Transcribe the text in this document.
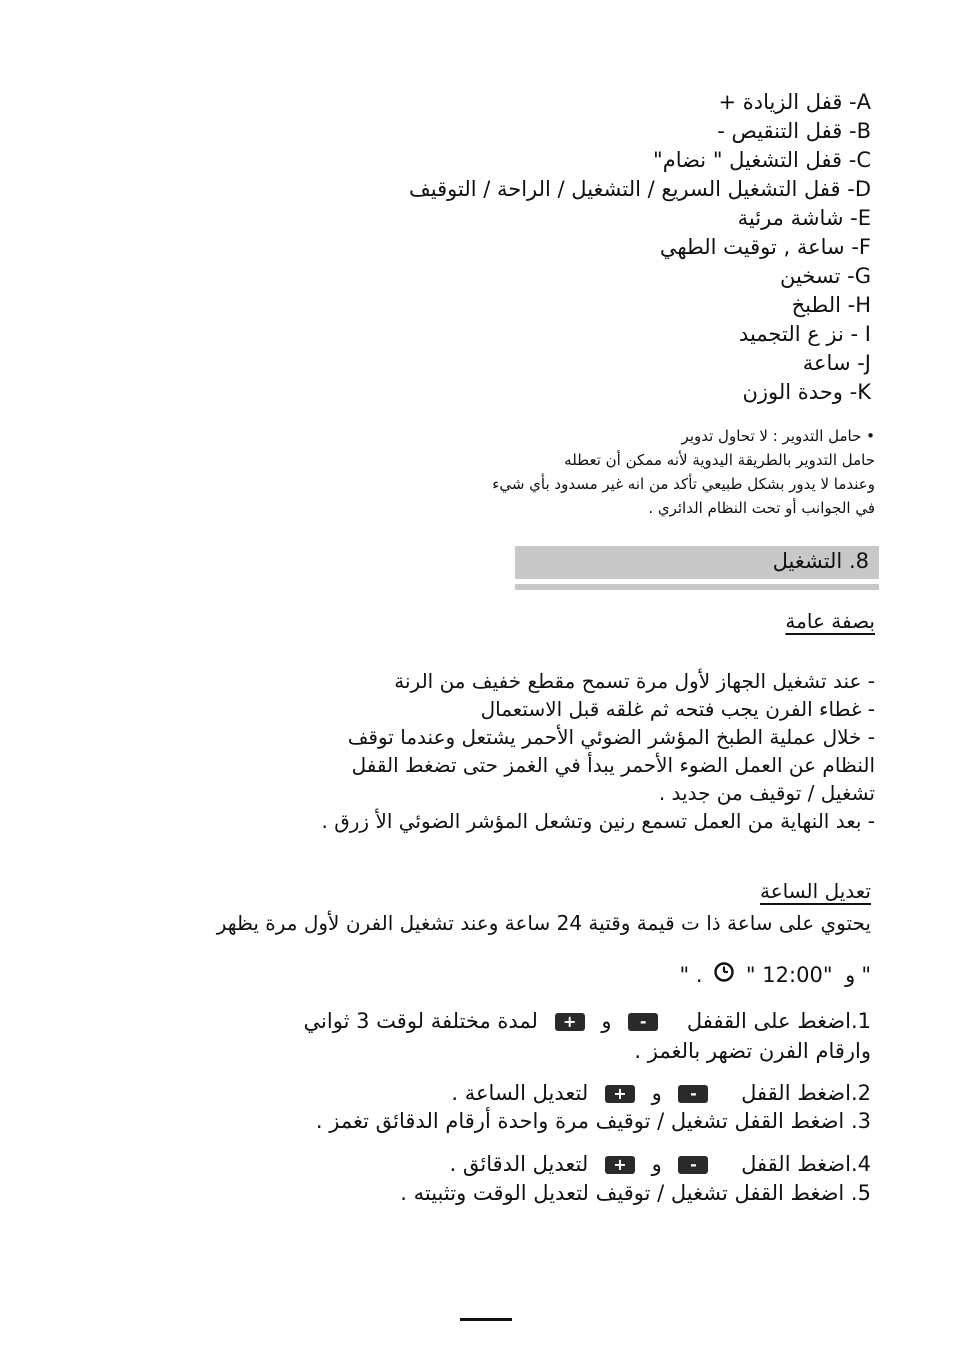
A- قفل الزيادة +
B- قفل التنقيص -
C- قفل التشغيل " نضام"
D- قفل التشغيل السريع / التشغيل / الراحة / التوقيف
E- شاشة مرئية
F- ساعة , توقيت الطهي
G- تسخين
H- الطبخ
I - نز ع التجميد
J- ساعة
K- وحدة الوزن
• حامل التدوير : لا تحاول تدوير
حامل التدوير بالطريقة اليدوية لأنه ممكن أن تعطله
وعندما لا يدور بشكل طبيعي تأكد من انه غير مسدود بأي شيء
في الجوانب أو تحت النظام الدائري .
8. التشغيل
بصفة عامة
- عند تشغيل الجهاز لأول مرة تسمح مقطع خفيف من الرنة
- غطاء الفرن يجب فتحه ثم غلقه قبل الاستعمال
- خلال عملية الطبخ المؤشر الضوئي الأحمر يشتعل وعندما توقف
النظام عن العمل الضوء الأحمر يبدأ في الغمز حتى تضغط القفل
تشغيل / توقيف من جديد .
- بعد النهاية من العمل تسمع رنين وتشعل المؤشر الضوئي الأ زرق .
تعديل الساعة
يحتوي على ساعة ذا ت قيمة وقتية 24 ساعة وعند تشغيل الفرن لأول مرة يظهر
" . "	و "12:00"
1.اضغط على القففل - و + لمدة مختلفة لوقت 3 ثواني
وارقام الفرن تضهر بالغمز .
2.اضغط القفل - و + لتعديل الساعة .
3. اضغط القفل تشغيل / توقيف مرة واحدة أرقام الدقائق تغمز .
4.اضغط القفل - و + لتعديل الدقائق .
5. اضغط القفل تشغيل / توقيف لتعديل الوقت وتثبيته .
